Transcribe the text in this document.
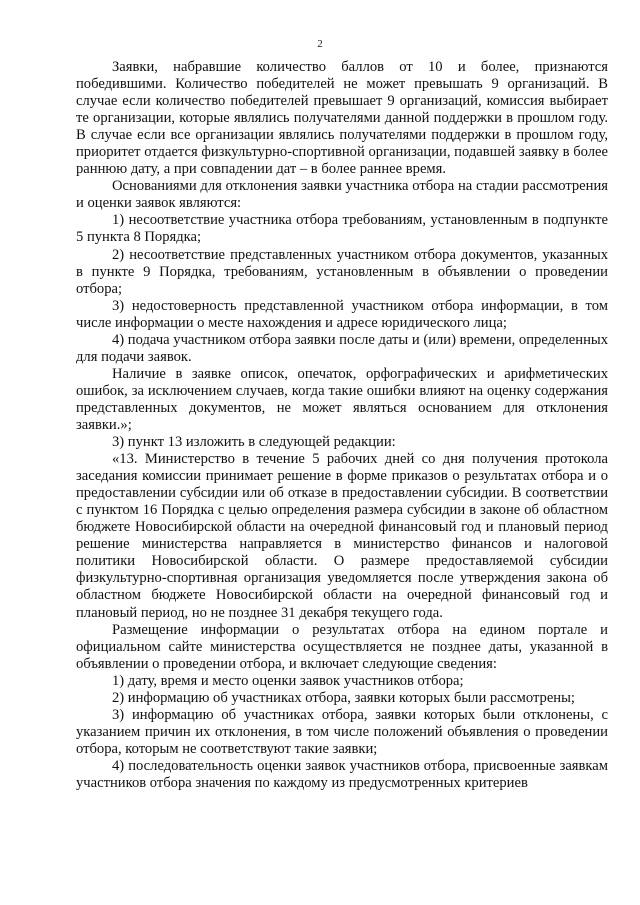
2

Заявки, набравшие количество баллов от 10 и более, признаются победившими. Количество победителей не может превышать 9 организаций. В случае если количество победителей превышает 9 организаций, комиссия выбирает те организации, которые являлись получателями данной поддержки в прошлом году. В случае если все организации являлись получателями поддержки в прошлом году, приоритет отдается физкультурно-спортивной организации, подавшей заявку в более раннюю дату, а при совпадении дат – в более раннее время.

Основаниями для отклонения заявки участника отбора на стадии рассмотрения и оценки заявок являются:

1) несоответствие участника отбора требованиям, установленным в подпункте 5 пункта 8 Порядка;

2) несоответствие представленных участником отбора документов, указанных в пункте 9 Порядка, требованиям, установленным в объявлении о проведении отбора;

3) недостоверность представленной участником отбора информации, в том числе информации о месте нахождения и адресе юридического лица;

4) подача участником отбора заявки после даты и (или) времени, определенных для подачи заявок.

Наличие в заявке описок, опечаток, орфографических и арифметических ошибок, за исключением случаев, когда такие ошибки влияют на оценку содержания представленных документов, не может являться основанием для отклонения заявки.»;

3) пункт 13 изложить в следующей редакции:

«13. Министерство в течение 5 рабочих дней со дня получения протокола заседания комиссии принимает решение в форме приказов о результатах отбора и о предоставлении субсидии или об отказе в предоставлении субсидии. В соответствии с пунктом 16 Порядка с целью определения размера субсидии в законе об областном бюджете Новосибирской области на очередной финансовый год и плановый период решение министерства направляется в министерство финансов и налоговой политики Новосибирской области. О размере предоставляемой субсидии физкультурно-спортивная организация уведомляется после утверждения закона об областном бюджете Новосибирской области на очередной финансовый год и плановый период, но не позднее 31 декабря текущего года.

Размещение информации о результатах отбора на едином портале и официальном сайте министерства осуществляется не позднее даты, указанной в объявлении о проведении отбора, и включает следующие сведения:

1) дату, время и место оценки заявок участников отбора;

2) информацию об участниках отбора, заявки которых были рассмотрены;

3) информацию об участниках отбора, заявки которых были отклонены, с указанием причин их отклонения, в том числе положений объявления о проведении отбора, которым не соответствуют такие заявки;

4) последовательность оценки заявок участников отбора, присвоенные заявкам участников отбора значения по каждому из предусмотренных критериев
